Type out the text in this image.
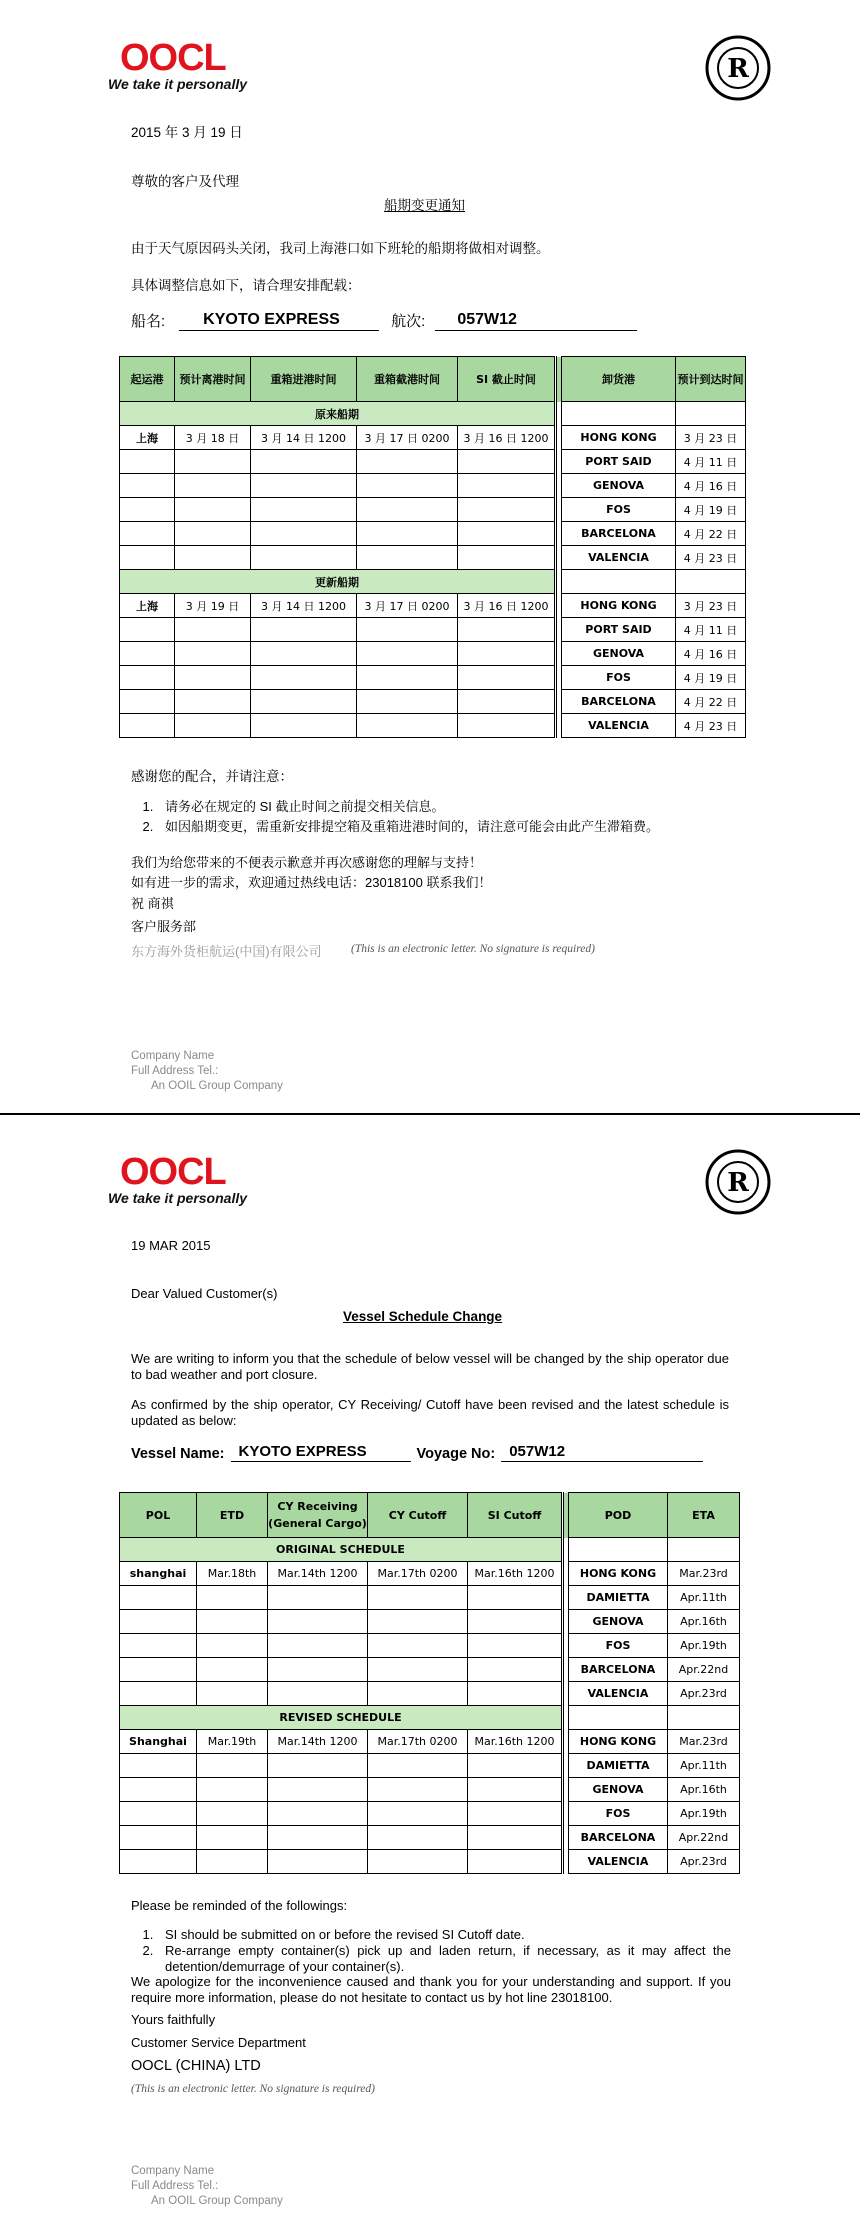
OOCL
We take it personally	R
2015 年 3 月 19 日
尊敬的客户及代理
船期变更通知
由于天气原因码头关闭，我司上海港口如下班轮的船期将做相对调整。
具体调整信息如下，请合理安排配载：
船名:	KYOTO EXPRESS	航次:	057W12
起运港	预计离港时间	重箱进港时间	重箱截港时间	SI 截止时间		卸货港	预计到达时间
原来船期							
上海	3 月 18 日	3 月 14 日 1200	3 月 17 日 0200	3 月 16 日 1200		HONG KONG	3 月 23 日
						PORT SAID	4 月 11 日
						GENOVA	4 月 16 日
						FOS	4 月 19 日
						BARCELONA	4 月 22 日
						VALENCIA	4 月 23 日
更新船期							
上海	3 月 19 日	3 月 14 日 1200	3 月 17 日 0200	3 月 16 日 1200		HONG KONG	3 月 23 日
						PORT SAID	4 月 11 日
						GENOVA	4 月 16 日
						FOS	4 月 19 日
						BARCELONA	4 月 22 日
						VALENCIA	4 月 23 日
感谢您的配合，并请注意：
1. 请务必在规定的 SI 截止时间之前提交相关信息。
2. 如因船期变更，需重新安排提空箱及重箱进港时间的，请注意可能会由此产生滞箱费。
我们为给您带来的不便表示歉意并再次感谢您的理解与支持！
如有进一步的需求，欢迎通过热线电话：23018100 联系我们！
祝 商祺
客户服务部
东方海外货柜航运(中国)有限公司	(This is an electronic letter. No signature is required)
Company Name
Full Address Tel.:
An OOIL Group Company
OOCL
We take it personally	R
19 MAR 2015
Dear Valued Customer(s)
Vessel Schedule Change
We are writing to inform you that the schedule of below vessel will be changed by the ship operator due to bad weather and port closure.
As confirmed by the ship operator, CY Receiving/ Cutoff have been revised and the latest schedule is updated as below:
Vessel Name: KYOTO EXPRESS	Voyage No: 057W12
POL	ETD	CY Receiving (General Cargo)	CY Cutoff	SI Cutoff		POD	ETA
ORIGINAL SCHEDULE							
shanghai	Mar.18th	Mar.14th 1200	Mar.17th 0200	Mar.16th 1200		HONG KONG	Mar.23rd
						DAMIETTA	Apr.11th
						GENOVA	Apr.16th
						FOS	Apr.19th
						BARCELONA	Apr.22nd
						VALENCIA	Apr.23rd
REVISED SCHEDULE							
Shanghai	Mar.19th	Mar.14th 1200	Mar.17th 0200	Mar.16th 1200		HONG KONG	Mar.23rd
						DAMIETTA	Apr.11th
						GENOVA	Apr.16th
						FOS	Apr.19th
						BARCELONA	Apr.22nd
						VALENCIA	Apr.23rd
Please be reminded of the followings:
1. SI should be submitted on or before the revised SI Cutoff date.
2. Re-arrange empty container(s) pick up and laden return, if necessary, as it may affect the detention/demurrage of your container(s).
We apologize for the inconvenience caused and thank you for your understanding and support. If you require more information, please do not hesitate to contact us by hot line 23018100.
Yours faithfully
Customer Service Department
OOCL (CHINA) LTD
(This is an electronic letter. No signature is required)
Company Name
Full Address Tel.:
An OOIL Group Company
